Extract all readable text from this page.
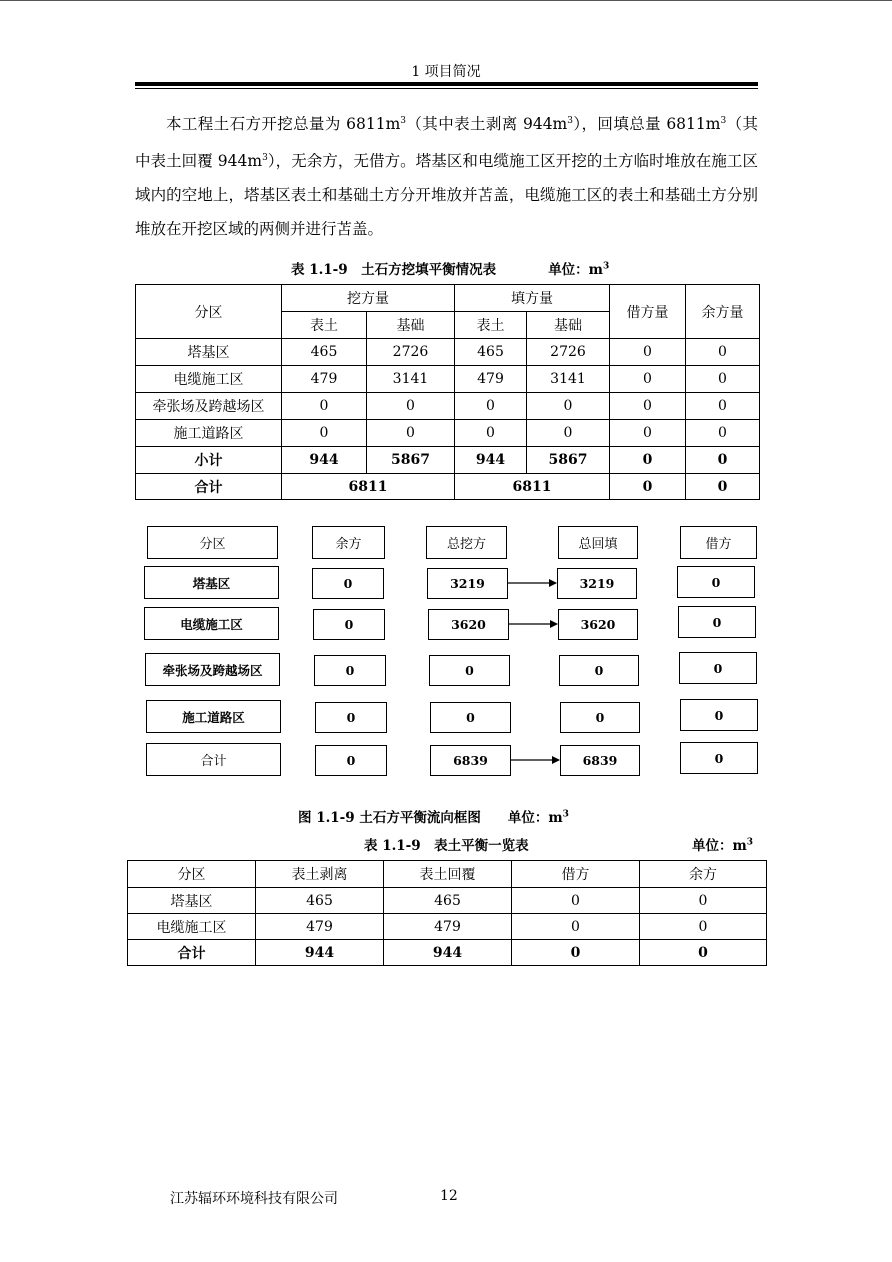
1 项目简况

本工程土石方开挖总量为 $6811m^3$（其中表土剥离 $944m^3$），回填总量 $6811m^3$（其中表土回覆 $944m^3$），无余方，无借方。塔基区和电缆施工区开挖的土方临时堆放在施工区域内的空地上，塔基区表土和基础土方分开堆放并苫盖，电缆施工区的表土和基础土方分别堆放在开挖区域的两侧并进行苫盖。

表 1.1-9　土石方挖填平衡情况表	单位：$m^3$
分区	挖方量		填方量		借方量	余方量
	表土	基础	表土	基础		
塔基区	465	2726	465	2726	0	0
电缆施工区	479	3141	479	3141	0	0
牵张场及跨越场区	0	0	0	0	0	0
施工道路区	0	0	0	0	0	0
小计	944	5867	944	5867	0	0
合计	6811		6811		0	0
分区	余方	总挖方	总回填	借方
塔基区	0	3219	3219	0
电缆施工区	0	3620	3620	0
牵张场及跨越场区	0	0	0	0
施工道路区	0	0	0	0
合计	0	6839	6839	0
图 1.1-9 土石方平衡流向框图　　单位：$m^3$
表 1.1-9　表土平衡一览表	单位：$m^3$
分区	表土剥离	表土回覆	借方	余方
塔基区	465	465	0	0
电缆施工区	479	479	0	0
合计	944	944	0	0
江苏辐环环境科技有限公司	12
